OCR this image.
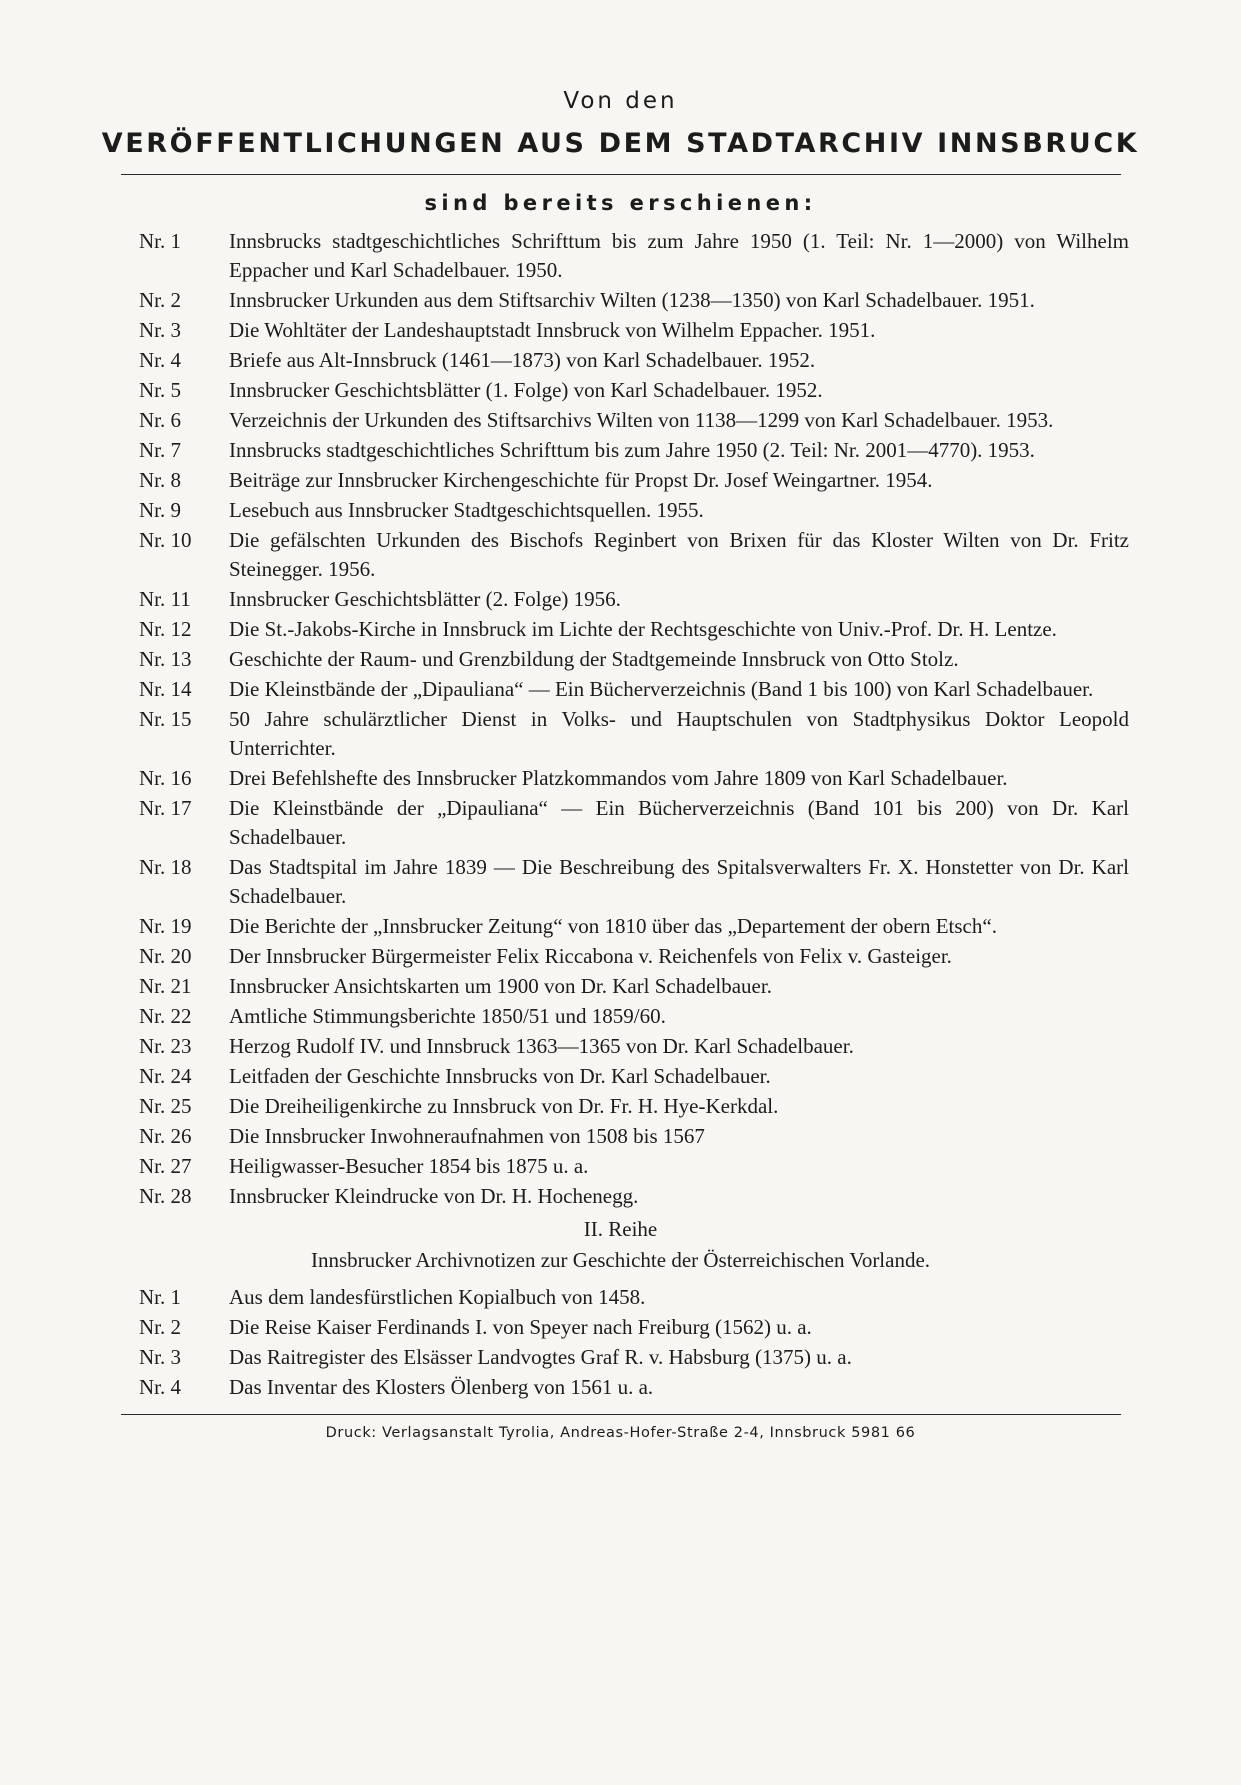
Von den

VERÖFFENTLICHUNGEN AUS DEM STADTARCHIV INNSBRUCK

sind bereits erschienen:

Nr. 1	Innsbrucks stadtgeschichtliches Schrifttum bis zum Jahre 1950 (1. Teil: Nr. 1—2000) von Wilhelm Eppacher und Karl Schadelbauer. 1950.
Nr. 2	Innsbrucker Urkunden aus dem Stiftsarchiv Wilten (1238—1350) von Karl Schadelbauer. 1951.
Nr. 3	Die Wohltäter der Landeshauptstadt Innsbruck von Wilhelm Eppacher. 1951.
Nr. 4	Briefe aus Alt-Innsbruck (1461—1873) von Karl Schadelbauer. 1952.
Nr. 5	Innsbrucker Geschichtsblätter (1. Folge) von Karl Schadelbauer. 1952.
Nr. 6	Verzeichnis der Urkunden des Stiftsarchivs Wilten von 1138—1299 von Karl Schadelbauer. 1953.
Nr. 7	Innsbrucks stadtgeschichtliches Schrifttum bis zum Jahre 1950 (2. Teil: Nr. 2001—4770). 1953.
Nr. 8	Beiträge zur Innsbrucker Kirchengeschichte für Propst Dr. Josef Weingartner. 1954.
Nr. 9	Lesebuch aus Innsbrucker Stadtgeschichtsquellen. 1955.
Nr. 10	Die gefälschten Urkunden des Bischofs Reginbert von Brixen für das Kloster Wilten von Dr. Fritz Steinegger. 1956.
Nr. 11	Innsbrucker Geschichtsblätter (2. Folge) 1956.
Nr. 12	Die St.-Jakobs-Kirche in Innsbruck im Lichte der Rechtsgeschichte von Univ.-Prof. Dr. H. Lentze.
Nr. 13	Geschichte der Raum- und Grenzbildung der Stadtgemeinde Innsbruck von Otto Stolz.
Nr. 14	Die Kleinstbände der „Dipauliana“ — Ein Bücherverzeichnis (Band 1 bis 100) von Karl Schadelbauer.
Nr. 15	50 Jahre schulärztlicher Dienst in Volks- und Hauptschulen von Stadtphysikus Doktor Leopold Unterrichter.
Nr. 16	Drei Befehlshefte des Innsbrucker Platzkommandos vom Jahre 1809 von Karl Schadelbauer.
Nr. 17	Die Kleinstbände der „Dipauliana“ — Ein Bücherverzeichnis (Band 101 bis 200) von Dr. Karl Schadelbauer.
Nr. 18	Das Stadtspital im Jahre 1839 — Die Beschreibung des Spitalsverwalters Fr. X. Honstetter von Dr. Karl Schadelbauer.
Nr. 19	Die Berichte der „Innsbrucker Zeitung“ von 1810 über das „Departement der obern Etsch“.
Nr. 20	Der Innsbrucker Bürgermeister Felix Riccabona v. Reichenfels von Felix v. Gasteiger.
Nr. 21	Innsbrucker Ansichtskarten um 1900 von Dr. Karl Schadelbauer.
Nr. 22	Amtliche Stimmungsberichte 1850/51 und 1859/60.
Nr. 23	Herzog Rudolf IV. und Innsbruck 1363—1365 von Dr. Karl Schadelbauer.
Nr. 24	Leitfaden der Geschichte Innsbrucks von Dr. Karl Schadelbauer.
Nr. 25	Die Dreiheiligenkirche zu Innsbruck von Dr. Fr. H. Hye-Kerkdal.
Nr. 26	Die Innsbrucker Inwohneraufnahmen von 1508 bis 1567
Nr. 27	Heiligwasser-Besucher 1854 bis 1875 u. a.
Nr. 28	Innsbrucker Kleindrucke von Dr. H. Hochenegg.

II. Reihe

Innsbrucker Archivnotizen zur Geschichte der Österreichischen Vorlande.

Nr. 1	Aus dem landesfürstlichen Kopialbuch von 1458.
Nr. 2	Die Reise Kaiser Ferdinands I. von Speyer nach Freiburg (1562) u. a.
Nr. 3	Das Raitregister des Elsässer Landvogtes Graf R. v. Habsburg (1375) u. a.
Nr. 4	Das Inventar des Klosters Ölenberg von 1561 u. a.

Druck: Verlagsanstalt Tyrolia, Andreas-Hofer-Straße 2-4, Innsbruck 5981 66
